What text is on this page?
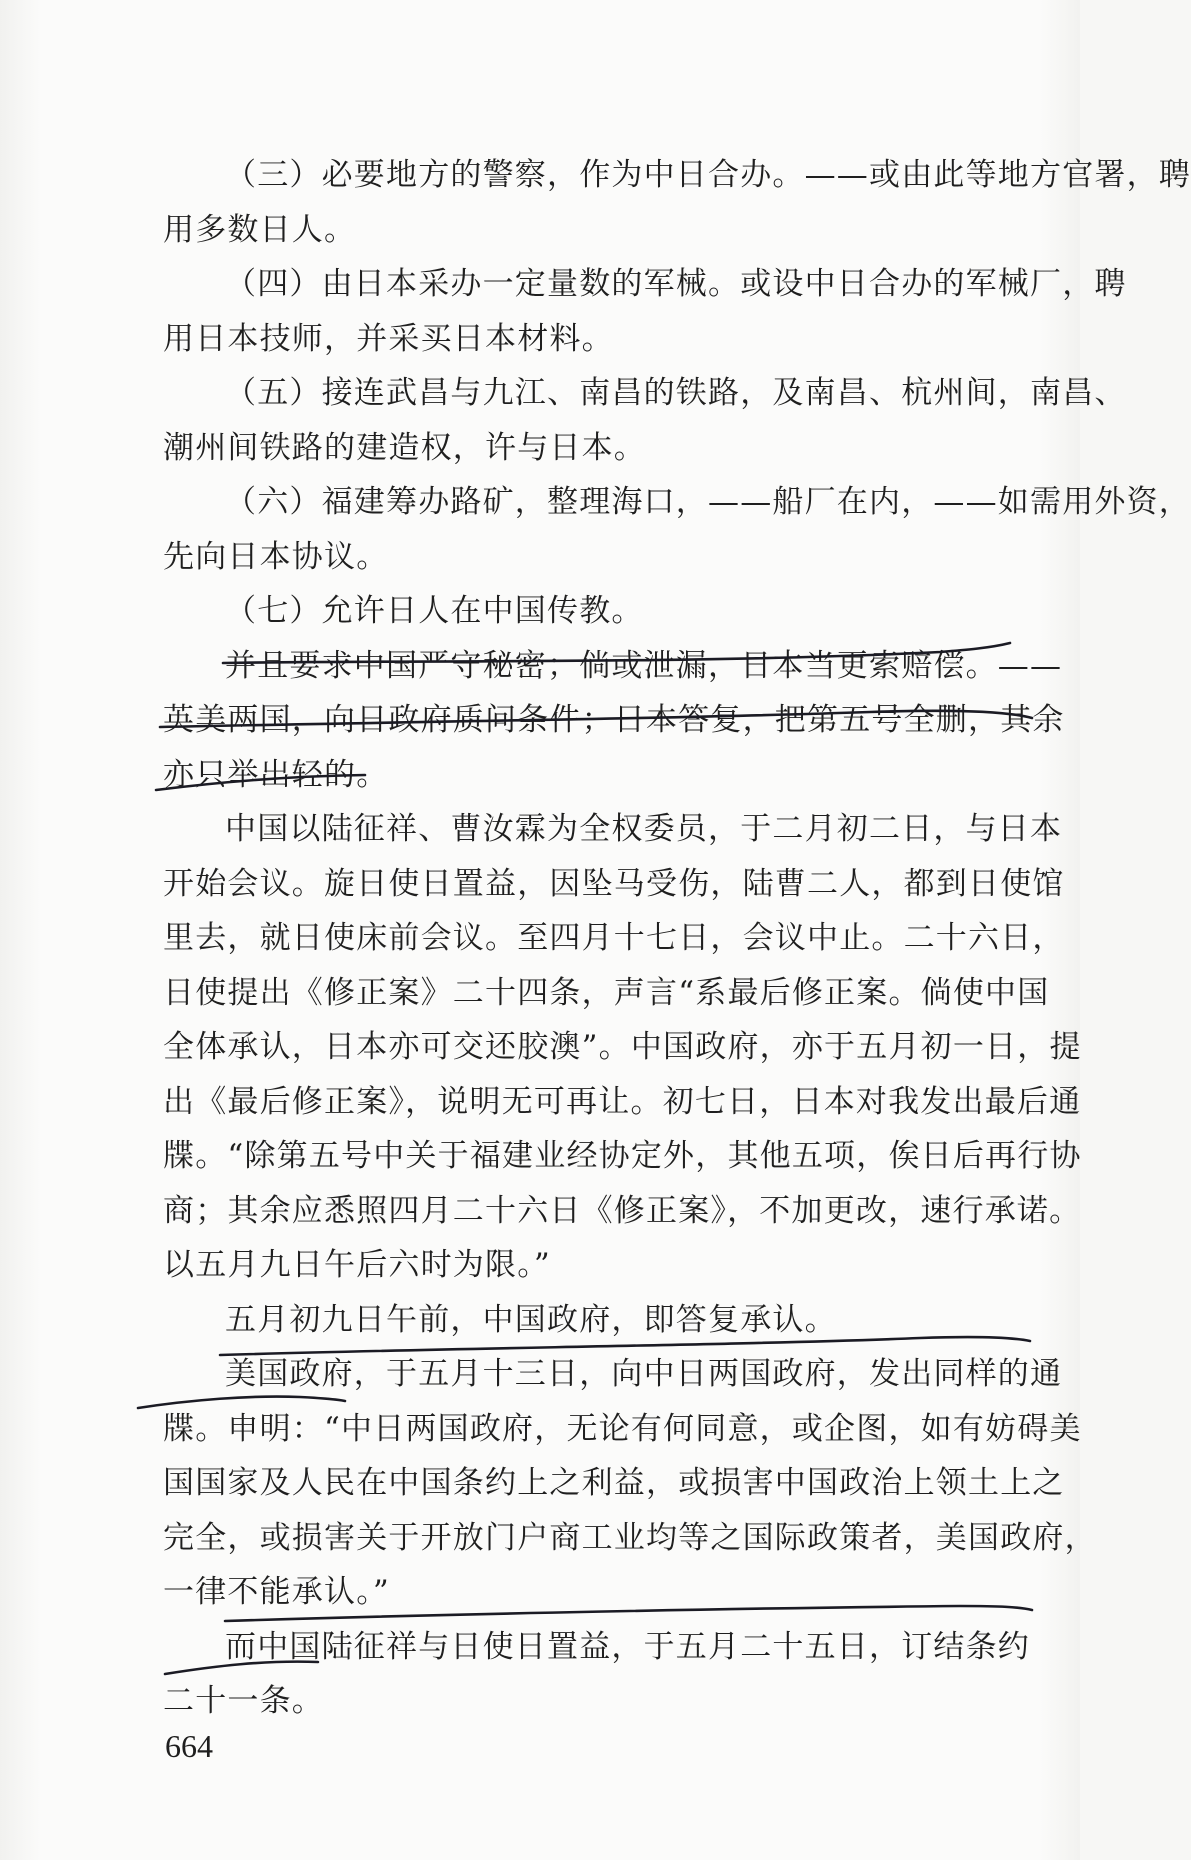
（三）必要地方的警察，作为中日合办。——或由此等地方官署，聘
用多数日人。
（四）由日本采办一定量数的军械。或设中日合办的军械厂，聘
用日本技师，并采买日本材料。
（五）接连武昌与九江、南昌的铁路，及南昌、杭州间，南昌、
潮州间铁路的建造权，许与日本。
（六）福建筹办路矿，整理海口，——船厂在内，——如需用外资，
先向日本协议。
（七）允许日人在中国传教。
并且要求中国严守秘密；倘或泄漏，日本当更索赔偿。——
英美两国，向日政府质问条件；日本答复，把第五号全删，其余
亦只举出轻的。
中国以陆征祥、曹汝霖为全权委员，于二月初二日，与日本
开始会议。旋日使日置益，因坠马受伤，陆曹二人，都到日使馆
里去，就日使床前会议。至四月十七日，会议中止。二十六日，
日使提出《修正案》二十四条，声言“系最后修正案。倘使中国
全体承认，日本亦可交还胶澳”。中国政府，亦于五月初一日，提
出《最后修正案》，说明无可再让。初七日，日本对我发出最后通
牒。“除第五号中关于福建业经协定外，其他五项，俟日后再行协
商；其余应悉照四月二十六日《修正案》，不加更改，速行承诺。
以五月九日午后六时为限。”
五月初九日午前，中国政府，即答复承认。
美国政府，于五月十三日，向中日两国政府，发出同样的通
牒。申明：“中日两国政府，无论有何同意，或企图，如有妨碍美
国国家及人民在中国条约上之利益，或损害中国政治上领土上之
完全，或损害关于开放门户商工业均等之国际政策者，美国政府，
一律不能承认。”
而中国陆征祥与日使日置益，于五月二十五日，订结条约
二十一条。
664
